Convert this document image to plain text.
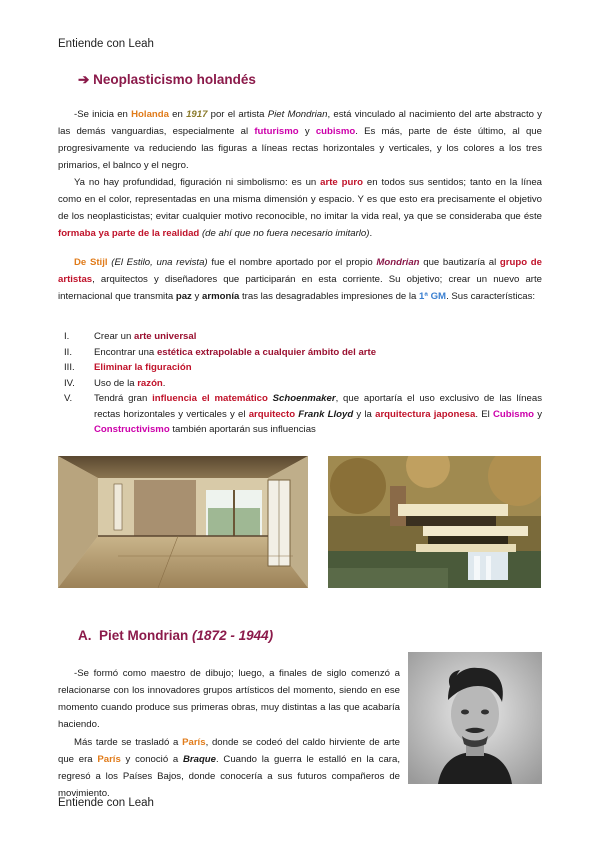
Entiende con Leah
➔ Neoplasticismo holandés
-Se inicia en Holanda en 1917 por el artista Piet Mondrian, está vinculado al nacimiento del arte abstracto y las demás vanguardias, especialmente al futurismo y cubismo. Es más, parte de éste último, al que progresivamente va reduciendo las figuras a líneas rectas horizontales y verticales, y los colores a los tres primarios, el balnco y el negro.
Ya no hay profundidad, figuración ni simbolismo: es un arte puro en todos sus sentidos; tanto en la línea como en el color, representadas en una misma dimensión y espacio. Y es que esto era precisamente el objetivo de los neoplasticistas; evitar cualquier motivo reconocible, no imitar la vida real, ya que se consideraba que éste formaba ya parte de la realidad (de ahí que no fuera necesario imitarlo).
De Stijl (El Estilo, una revista) fue el nombre aportado por el propio Mondrian que bautizaría al grupo de artistas, arquitectos y diseñadores que participarán en esta corriente. Su objetivo; crear un nuevo arte internacional que transmita paz y armonía tras las desagradables impresiones de la 1ª GM. Sus características:
I.	Crear un arte universal
II. Encontrar una estética extrapolable a cualquier ámbito del arte
III. Eliminar la figuración
IV. Uso de la razón.
V. Tendrá gran influencia el matemático Schoenmaker, que aportaría el uso exclusivo de las líneas rectas horizontales y verticales y el arquitecto Frank Lloyd y la arquitectura japonesa. El Cubismo y Constructivismo también aportarán sus influencias
A. Piet Mondrian (1872 - 1944)
-Se formó como maestro de dibujo; luego, a finales de siglo comenzó a relacionarse con los innovadores grupos artísticos del momento, siendo en ese momento cuando produce sus primeras obras, muy distintas a las que acabaría haciendo.
Más tarde se trasladó a París, donde se codeó del caldo hirviente de arte que era París y conoció a Braque. Cuando la guerra le estalló en la cara, regresó a los Países Bajos, donde conocería a sus futuros compañeros de movimiento.
Entiende con Leah
